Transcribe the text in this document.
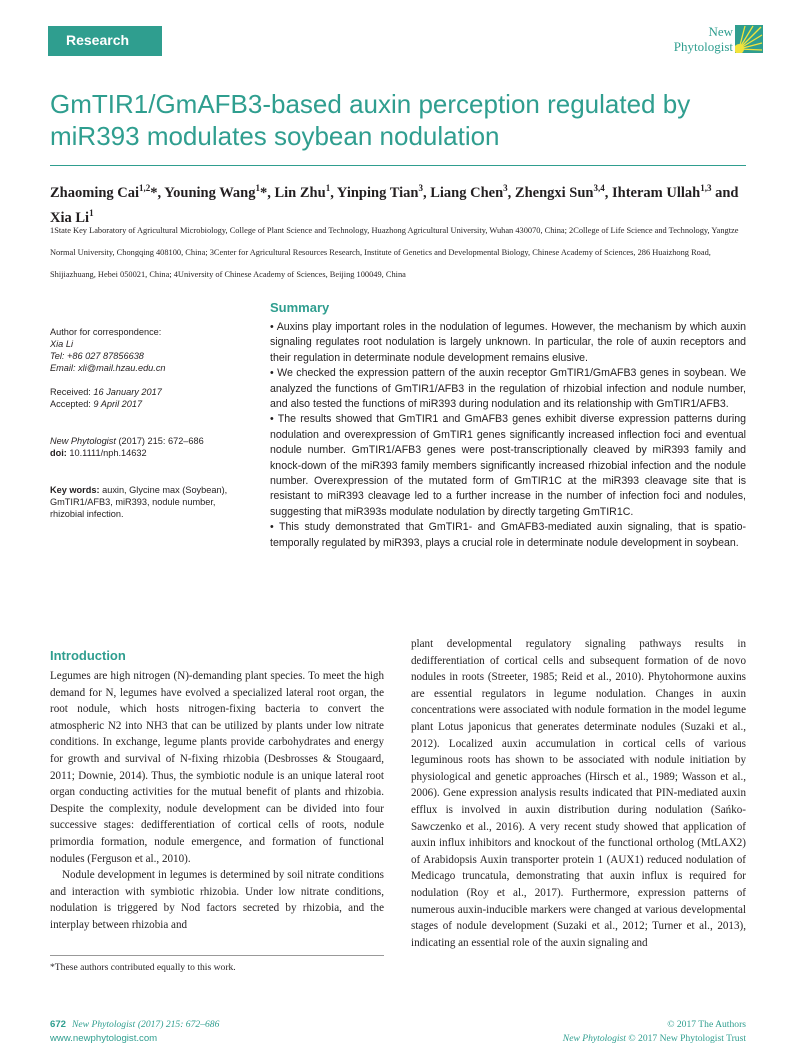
Research
New
Phytologist
GmTIR1/GmAFB3-based auxin perception regulated by miR393 modulates soybean nodulation
Zhaoming Cai$^{1,2}$*, Youning Wang$^1$*, Lin Zhu$^1$, Yinping Tian$^3$, Liang Chen$^3$, Zhengxi Sun$^{3,4}$, Ihteram Ullah$^{1,3}$ and Xia Li$^1$
1State Key Laboratory of Agricultural Microbiology, College of Plant Science and Technology, Huazhong Agricultural University, Wuhan 430070, China; 2College of Life Science and Technology, Yangtze Normal University, Chongqing 408100, China; 3Center for Agricultural Resources Research, Institute of Genetics and Developmental Biology, Chinese Academy of Sciences, 286 Huaizhong Road, Shijiazhuang, Hebei 050021, China; 4University of Chinese Academy of Sciences, Beijing 100049, China
Summary

Author for correspondence:

Xia Li

Tel: +86 027 87856638

Email: xli@mail.hzau.edu.cn

Received: 16 January 2017

Accepted: 9 April 2017

New Phytologist (2017) 215: 672–686

doi: 10.1111/nph.14632

Key words: auxin, Glycine max (Soybean), GmTIR1/AFB3, miR393, nodule number, rhizobial infection.

• Auxins play important roles in the nodulation of legumes. However, the mechanism by which auxin signaling regulates root nodulation is largely unknown. In particular, the role of auxin receptors and their regulation in determinate nodule development remains elusive.

• We checked the expression pattern of the auxin receptor GmTIR1/GmAFB3 genes in soybean. We analyzed the functions of GmTIR1/AFB3 in the regulation of rhizobial infection and nodule number, and also tested the functions of miR393 during nodulation and its relationship with GmTIR1/AFB3.

• The results showed that GmTIR1 and GmAFB3 genes exhibit diverse expression patterns during nodulation and overexpression of GmTIR1 genes significantly increased inflection foci and eventual nodule number. GmTIR1/AFB3 genes were post-transcriptionally cleaved by miR393 family and knock-down of the miR393 family members significantly increased rhizobial infection and the nodule number. Overexpression of the mutated form of GmTIR1C at the miR393 cleavage site that is resistant to miR393 cleavage led to a further increase in the number of infection foci and nodules, suggesting that miR393s modulate nodulation by directly targeting GmTIR1C.

• This study demonstrated that GmTIR1- and GmAFB3-mediated auxin signaling, that is spatio-temporally regulated by miR393, plays a crucial role in determinate nodule development in soybean.

Introduction

Legumes are high nitrogen (N)-demanding plant species. To meet the high demand for N, legumes have evolved a specialized lateral root organ, the root nodule, which hosts nitrogen-fixing bacteria to convert the atmospheric N2 into NH3 that can be utilized by plants under low nitrate conditions. In exchange, legume plants provide carbohydrates and energy for growth and survival of N-fixing rhizobia (Desbrosses & Stougaard, 2011; Downie, 2014). Thus, the symbiotic nodule is an unique lateral root organ conducting activities for the mutual benefit of plants and rhizobia. Despite the complexity, nodule development can be divided into four successive stages: dedifferentiation of cortical cells of roots, nodule primordia formation, nodule emergence, and formation of functional nodules (Ferguson et al., 2010).

Nodule development in legumes is determined by soil nitrate conditions and interaction with symbiotic rhizobia. Under low nitrate conditions, nodulation is triggered by Nod factors secreted by rhizobia, and the interplay between rhizobia and

plant developmental regulatory signaling pathways results in dedifferentiation of cortical cells and subsequent formation of de novo nodules in roots (Streeter, 1985; Reid et al., 2010). Phytohormone auxins are essential regulators in legume nodulation. Changes in auxin concentrations were associated with nodule formation in the model legume plant Lotus japonicus that generates determinate nodules (Suzaki et al., 2012). Localized auxin accumulation in cortical cells of various leguminous roots has shown to be associated with nodule initiation by physiological and genetic approaches (Hirsch et al., 1989; Wasson et al., 2006). Gene expression analysis results indicated that PIN-mediated auxin efflux is involved in auxin distribution during nodulation (Sańko-Sawczenko et al., 2016). A very recent study showed that application of auxin influx inhibitors and knockout of the functional ortholog (MtLAX2) of Arabidopsis Auxin transporter protein 1 (AUX1) reduced nodulation of Medicago truncatula, demonstrating that auxin influx is required for nodulation (Roy et al., 2017). Furthermore, expression patterns of numerous auxin-inducible markers were changed at various developmental stages of nodule development (Suzaki et al., 2012; Turner et al., 2013), indicating an essential role of the auxin signaling and

*These authors contributed equally to this work.
672 New Phytologist (2017) 215: 672–686
www.newphytologist.com
© 2017 The Authors
New Phytologist © 2017 New Phytologist Trust
